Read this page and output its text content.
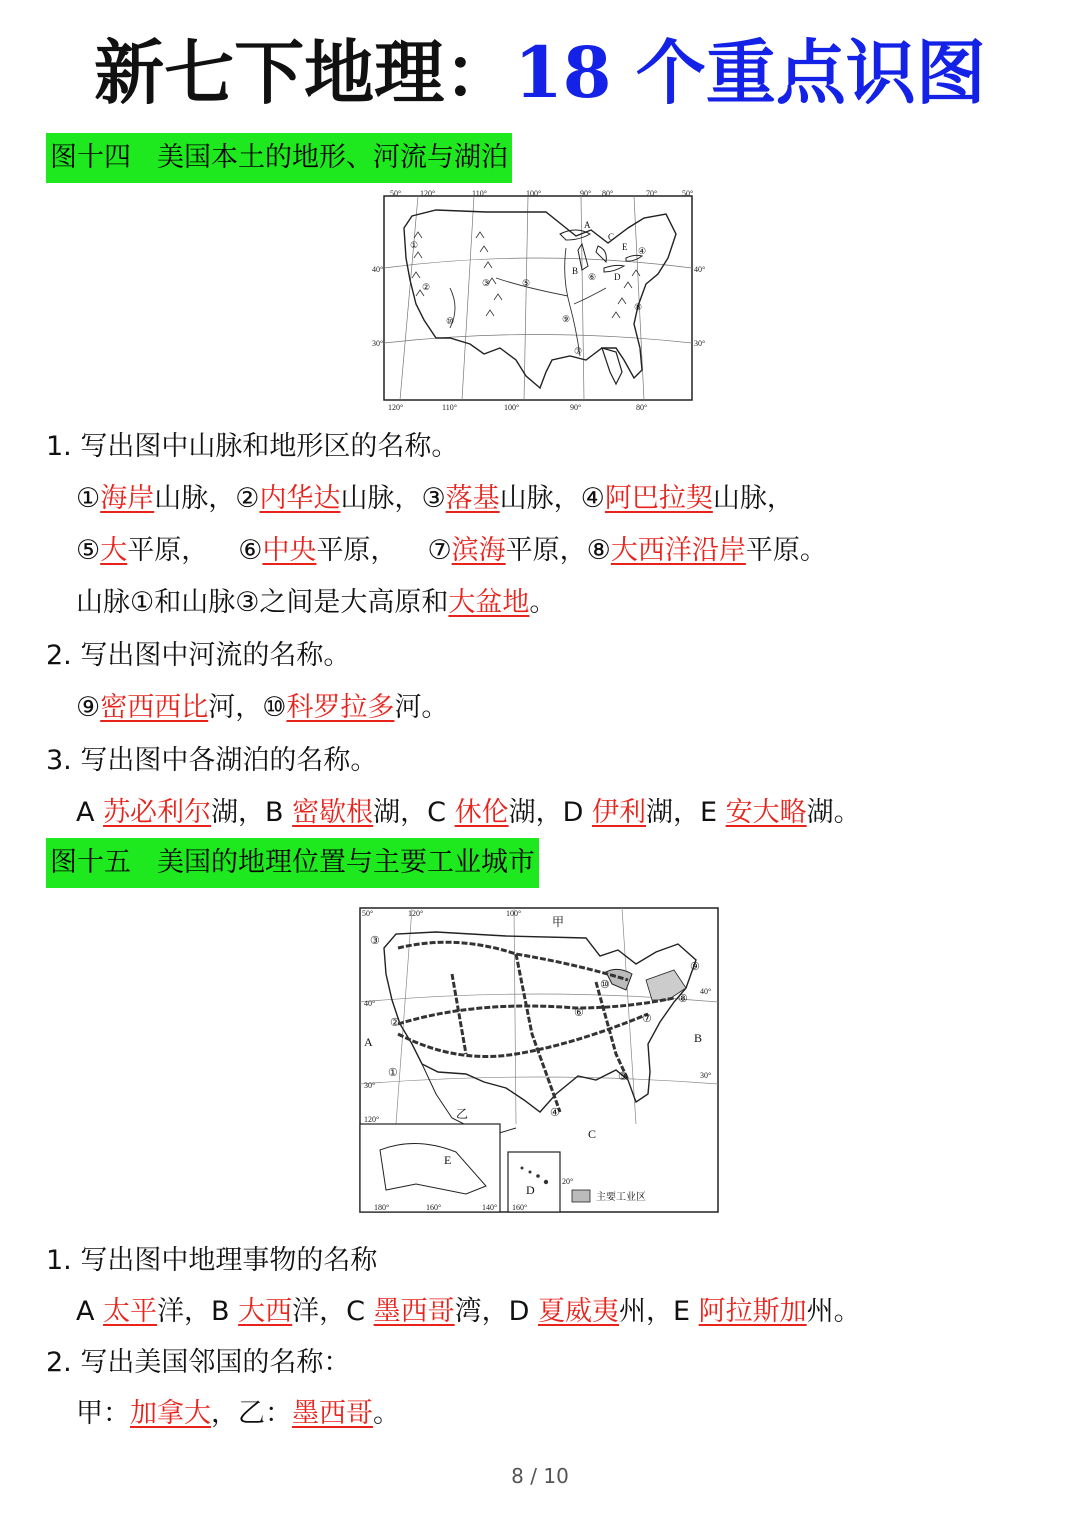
新七下地理：18 个重点识图
图十四 美国本土的地形、河流与湖泊
50° 120°	110°	100°	90° 80°	70°	50°
120°	110°	100°	90°	80°
40°
30°
40°
30°
A
B
C
D
E
①
②	③
④
⑤
⑥
⑦
⑧
⑨
⑩
1. 写出图中山脉和地形区的名称。
①海岸山脉，②内华达山脉，③落基山脉，④阿巴拉契山脉，
⑤大平原， ⑥中央平原， ⑦滨海平原，⑧大西洋沿岸平原。
山脉①和山脉③之间是大高原和大盆地。
2. 写出图中河流的名称。
⑨密西西比河，⑩科罗拉多河。
3. 写出图中各湖泊的名称。
A 苏必利尔湖，B 密歇根湖，C 休伦湖，D 伊利湖，E 安大略湖。
图十五 美国的地理位置与主要工业城市
主要工业区
50°	120°	100°
40°
30°
120°
40°
30°
180°	160°	140° 160°
20°
甲
A	B
C
D
E
乙
①
②
③
④
⑤
⑥	⑦
⑧
⑨
⑩
1. 写出图中地理事物的名称
A 太平洋，B 大西洋，C 墨西哥湾，D 夏威夷州，E 阿拉斯加州。
2. 写出美国邻国的名称：
甲：加拿大，乙：墨西哥。
8 / 10
